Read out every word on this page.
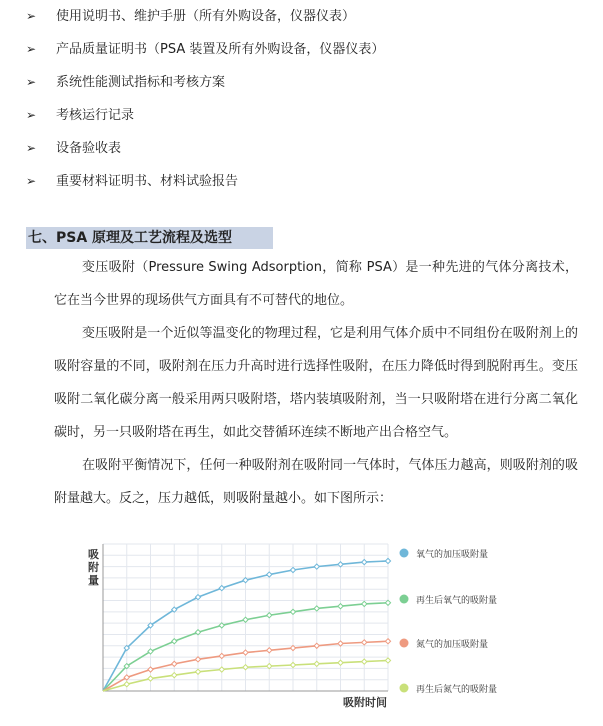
➢ 使用说明书、维护手册（所有外购设备，仪器仪表）
➢ 产品质量证明书（PSA 装置及所有外购设备，仪器仪表）
➢ 系统性能测试指标和考核方案
➢ 考核运行记录
➢ 设备验收表
➢ 重要材料证明书、材料试验报告
七、PSA 原理及工艺流程及选型

变压吸附（Pressure Swing Adsorption，简称 PSA）是一种先进的气体分离技术，它在当今世界的现场供气方面具有不可替代的地位。

变压吸附是一个近似等温变化的物理过程，它是利用气体介质中不同组份在吸附剂上的吸附容量的不同，吸附剂在压力升高时进行选择性吸附，在压力降低时得到脱附再生。变压吸附二氧化碳分离一般采用两只吸附塔，塔内装填吸附剂，当一只吸附塔在进行分离二氧化碳时，另一只吸附塔在再生，如此交替循环连续不断地产出合格空气。

在吸附平衡情况下，任何一种吸附剂在吸附同一气体时，气体压力越高，则吸附剂的吸附量越大。反之，压力越低，则吸附量越小。如下图所示：

吸附量
吸附时间
氧气的加压吸附量
再生后氧气的吸附量
氮气的加压吸附量
再生后氮气的吸附量
